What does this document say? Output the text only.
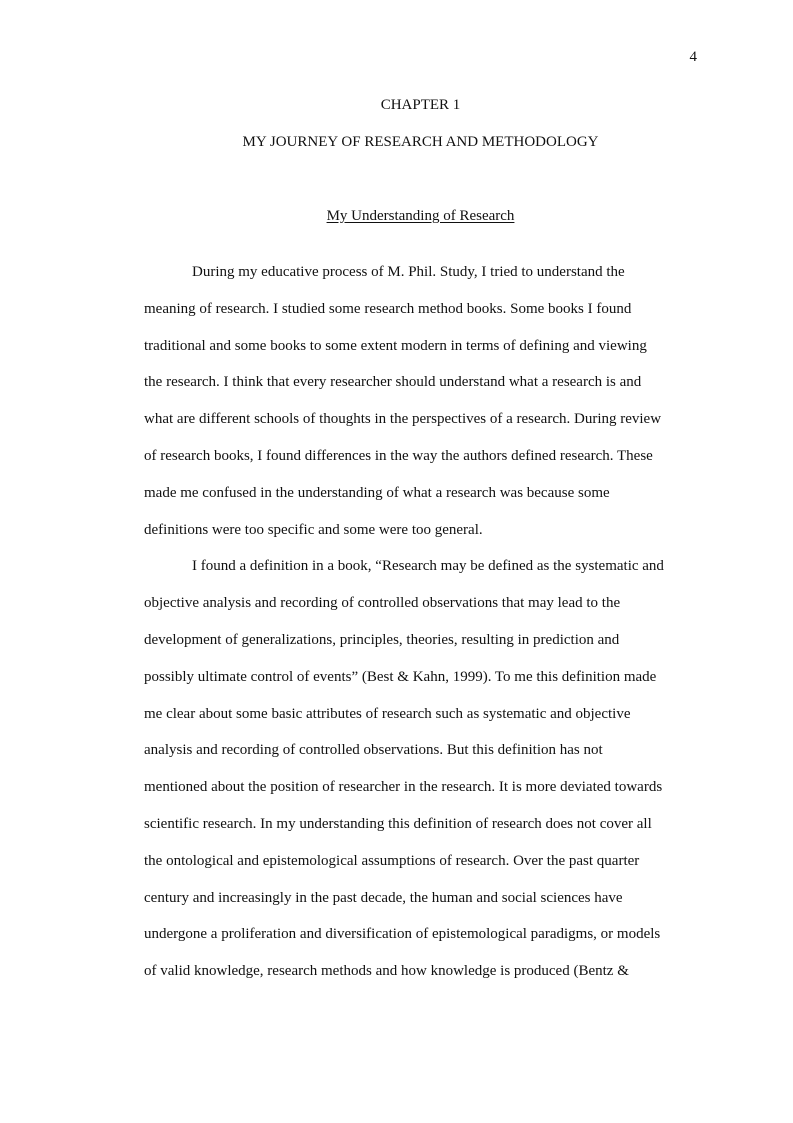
4
CHAPTER 1
MY JOURNEY OF RESEARCH AND METHODOLOGY
My Understanding of Research
During my educative process of M. Phil. Study, I tried to understand the
meaning of research. I studied some research method books. Some books I found
traditional and some books to some extent modern in terms of defining and viewing
the research. I think that every researcher should understand what a research is and
what are different schools of thoughts in the perspectives of a research. During review
of research books, I found differences in the way the authors defined research. These
made me confused in the understanding of what a research was because some
definitions were too specific and some were too general.
I found a definition in a book, “Research may be defined as the systematic and
objective analysis and recording of controlled observations that may lead to the
development of generalizations, principles, theories, resulting in prediction and
possibly ultimate control of events” (Best & Kahn, 1999). To me this definition made
me clear about some basic attributes of research such as systematic and objective
analysis and recording of controlled observations. But this definition has not
mentioned about the position of researcher in the research. It is more deviated towards
scientific research. In my understanding this definition of research does not cover all
the ontological and epistemological assumptions of research. Over the past quarter
century and increasingly in the past decade, the human and social sciences have
undergone a proliferation and diversification of epistemological paradigms, or models
of valid knowledge, research methods and how knowledge is produced (Bentz &
